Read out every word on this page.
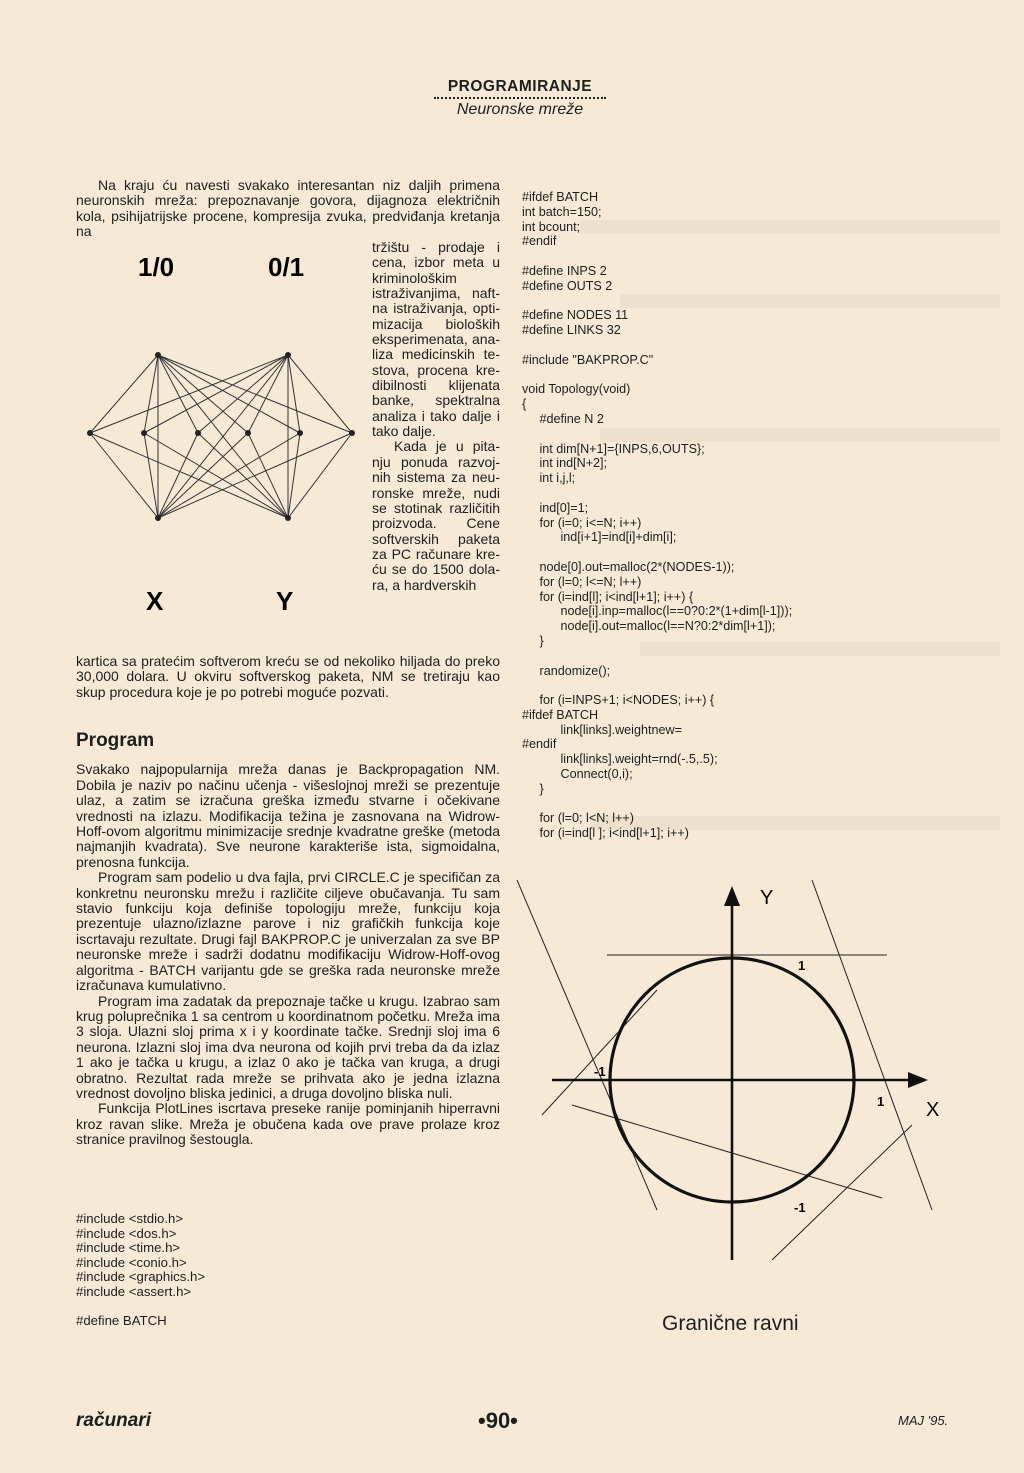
PROGRAMIRANJE
Neuronske mreže

Na kraju ću navesti svakako interesantan niz daljih primena neuronskih mreža: prepoznavanje govora, dijagnoza električnih kola, psihijatrijske procene, kompresija zvuka, predviđanja kretanja na

tržištu - prodaje i
cena, izbor meta u
kriminološkim
istraživanjima, naft-
na istraživanja, opti-
mizacija bioloških
eksperimenata, ana-
liza medicinskih te-
stova, procena kre-
dibilnosti klijenata
banke, spektralna
analiza i tako dalje i
tako dalje.
Kada je u pita-
nju ponuda razvoj-
nih sistema za neu-
ronske mreže, nudi
se stotinak različitih
proizvoda. Cene
softverskih paketa
za PC računare kre-
ću se do 1500 dola-
ra, a hardverskih
1/0	0/1
X	Y

kartica sa pratećim softverom kreću se od nekoliko hiljada do preko 30,000 dolara. U okviru softverskog paketa, NM se tretiraju kao skup procedura koje je po potrebi moguće pozvati.

Program

Svakako najpopularnija mreža danas je Backpropagation NM. Dobila je naziv po načinu učenja - višeslojnoj mreži se prezentuje ulaz, a zatim se izračuna greška između stvarne i očekivane vrednosti na izlazu. Modifikacija težina je zasnovana na Widrow-Hoff-ovom algoritmu minimizacije srednje kvadratne greške (metoda najmanjih kvadrata). Sve neurone karakteriše ista, sigmoidalna, prenosna funkcija.

Program sam podelio u dva fajla, prvi CIRCLE.C je specifičan za konkretnu neuronsku mrežu i različite ciljeve obučavanja. Tu sam stavio funkciju koja definiše topologiju mreže, funkciju koja prezentuje ulazno/izlazne parove i niz grafičkih funkcija koje iscrtavaju rezultate. Drugi fajl BAKPROP.C je univerzalan za sve BP neuronske mreže i sadrži dodatnu modifikaciju Widrow-Hoff-ovog algoritma - BATCH varijantu gde se greška rada neuronske mreže izračunava kumulativno.

Program ima zadatak da prepoznaje tačke u krugu. Izabrao sam krug poluprečnika 1 sa centrom u koordinatnom početku. Mreža ima 3 sloja. Ulazni sloj prima x i y koordinate tačke. Srednji sloj ima 6 neurona. Izlazni sloj ima dva neurona od kojih prvi treba da da izlaz 1 ako je tačka u krugu, a izlaz 0 ako je tačka van kruga, a drugi obratno. Rezultat rada mreže se prihvata ako je jedna izlazna vrednost dovoljno bliska jedinici, a druga dovoljno bliska nuli.

Funkcija PlotLines iscrtava preseke ranije pominjanih hiperravni kroz ravan slike. Mreža je obučena kada ove prave prolaze kroz stranice pravilnog šestougla.

#include <stdio.h>
#include <dos.h>
#include <time.h>
#include <conio.h>
#include <graphics.h>
#include <assert.h>

#define BATCH
#ifdef BATCH
int batch=150;
int bcount;
#endif

#define INPS 2
#define OUTS 2

#define NODES 11
#define LINKS 32

#include "BAKPROP.C"

void Topology(void)
{
#define N 2

int dim[N+1]={INPS,6,OUTS};
int ind[N+2];
int i,j,l;

ind[0]=1;
for (i=0; i<=N; i++)
ind[i+1]=ind[i]+dim[i];

node[0].out=malloc(2*(NODES-1));
for (l=0; l<=N; l++)
for (i=ind[l]; i<ind[l+1]; i++) {
node[i].inp=malloc(l==0?0:2*(1+dim[l-1]));
node[i].out=malloc(l==N?0:2*dim[l+1]);
}

randomize();

for (i=INPS+1; i<NODES; i++) {
#ifdef BATCH
link[links].weightnew=
#endif
link[links].weight=rnd(-.5,.5);
Connect(0,i);
}

for (l=0; l<N; l++)
for (i=ind[l ]; i<ind[l+1]; i++)
Y
X
1
1
-1
-1
Granične ravni
računari	•90•	MAJ '95.
